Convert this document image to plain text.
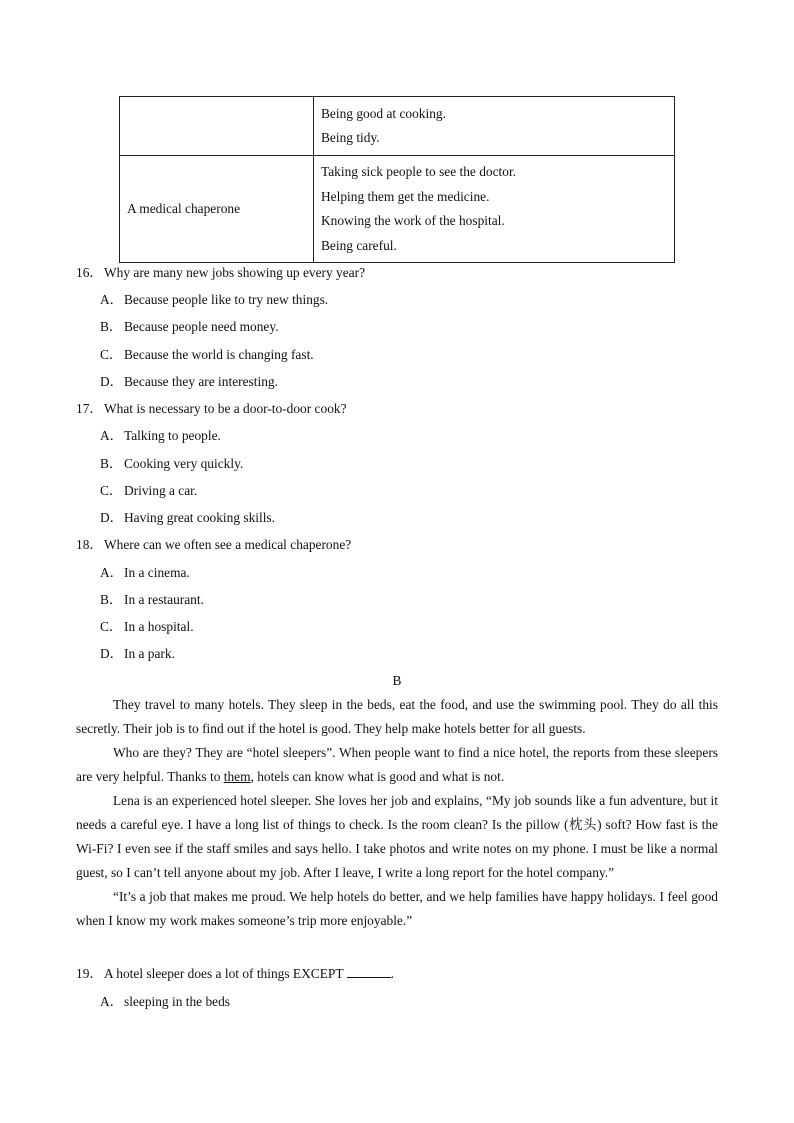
	Being good at cooking.
Being tidy.

A medical chaperone	Taking sick people to see the doctor.
Helping them get the medicine.
Knowing the work of the hospital.
Being careful.
16．Why are many new jobs showing up every year?
A．Because people like to try new things.
B． Because people need money.
C． Because the world is changing fast.
D．Because they are interesting.
17．What is necessary to be a door-to-door cook?
A．Talking to people.
B． Cooking very quickly.
C． Driving a car.
D．Having great cooking skills.
18．Where can we often see a medical chaperone?
A．In a cinema.
B． In a restaurant.
C． In a hospital.
D．In a park.
B

They travel to many hotels. They sleep in the beds, eat the food, and use the swimming pool. They do all this secretly. Their job is to find out if the hotel is good. They help make hotels better for all guests.

Who are they? They are “hotel sleepers”. When people want to find a nice hotel, the reports from these sleepers are very helpful. Thanks to them, hotels can know what is good and what is not.

Lena is an experienced hotel sleeper. She loves her job and explains, “My job sounds like a fun adventure, but it needs a careful eye. I have a long list of things to check. Is the room clean? Is the pillow (枕头) soft? How fast is the Wi-Fi? I even see if the staff smiles and says hello. I take photos and write notes on my phone. I must be like a normal guest, so I can’t tell anyone about my job. After I leave, I write a long report for the hotel company.”

“It’s a job that makes me proud. We help hotels do better, and we help families have happy holidays. I feel good when I know my work makes someone’s trip more enjoyable.”

19．A hotel sleeper does a lot of things EXCEPT	.
A．sleeping in the beds
